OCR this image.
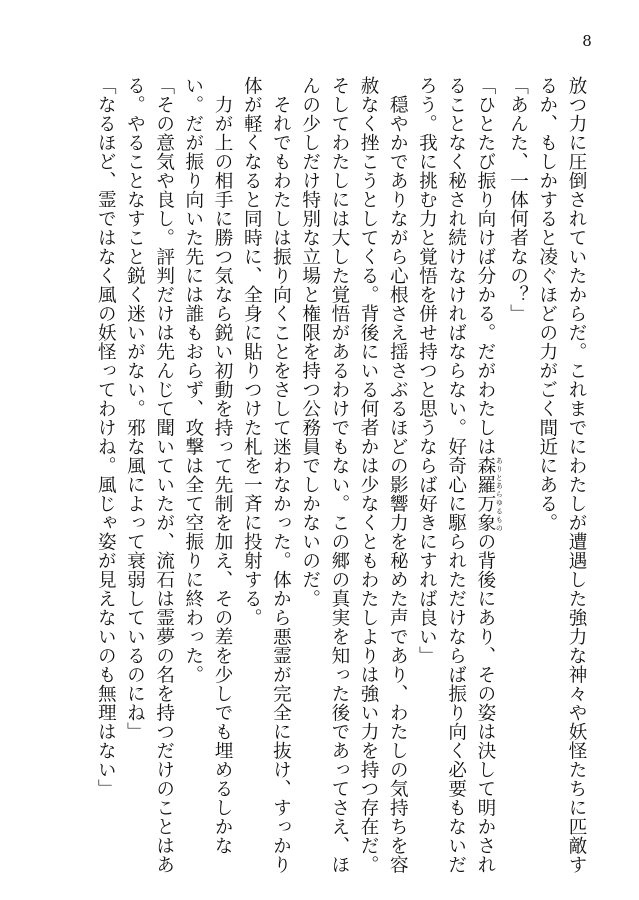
8

放つ力に圧倒されていたからだ。これまでにわたしが遭遇した強力な神々や妖怪たちに匹敵するか、もしかすると凌ぐほどの力がごく間近にある。

「あんた、一体何者なの？」

「ひとたび振り向けば分かる。だがわたしは森羅万象 ありとあらゆるものの背後にあり、その姿は決して明かされることなく秘され続けなければならない。好奇心に駆られただけならば振り向く必要もないだろう。我に挑む力と覚悟を併せ持つと思うならば好きにすれば良い」

　穏やかでありながら心根さえ揺さぶるほどの影響力を秘めた声であり、わたしの気持ちを容赦なく挫こうとしてくる。背後にいる何者かは少なくともわたしよりは強い力を持つ存在だ。そしてわたしには大した覚悟があるわけでもない。この郷の真実を知った後であってさえ、ほんの少しだけ特別な立場と権限を持つ公務員でしかないのだ。

　それでもわたしは振り向くことをさして迷わなかった。体から悪霊が完全に抜け、すっかり体が軽くなると同時に、全身に貼りつけた札を一斉に投射する。

　力が上の相手に勝つ気なら鋭い初動を持って先制を加え、その差を少しでも埋めるしかない。だが振り向いた先には誰もおらず、攻撃は全て空振りに終わった。

「その意気や良し。評判だけは先んじて聞いていたが、流石は霊夢の名を持つだけのことはある。やることなすこと鋭く迷いがない。邪な風によって衰弱しているのにね」

「なるほど、霊ではなく風の妖怪ってわけね。風じゃ姿が見えないのも無理はない」
